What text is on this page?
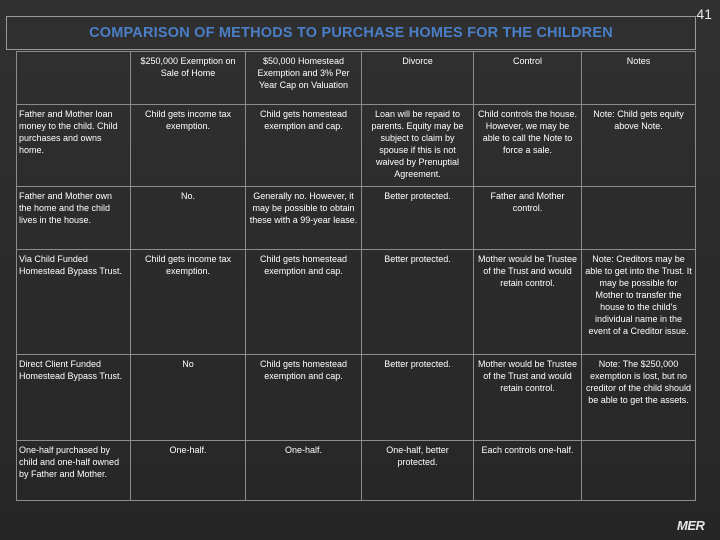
41
COMPARISON OF METHODS TO PURCHASE HOMES FOR THE CHILDREN
	$250,000 Exemption on Sale of Home	$50,000 Homestead Exemption and 3% Per Year Cap on Valuation	Divorce	Control	Notes
Father and Mother loan money to the child. Child purchases and owns home.	Child gets income tax exemption.	Child gets homestead exemption and cap.	Loan will be repaid to parents. Equity may be subject to claim by spouse if this is not waived by Prenuptial Agreement.	Child controls the house. However, we may be able to call the Note to force a sale.	Note: Child gets equity above Note.
Father and Mother own the home and the child lives in the house.	No.	Generally no. However, it may be possible to obtain these with a 99-year lease.	Better protected.	Father and Mother control.	
Via Child Funded Homestead Bypass Trust.	Child gets income tax exemption.	Child gets homestead exemption and cap.	Better protected.	Mother would be Trustee of the Trust and would retain control.	Note: Creditors may be able to get into the Trust. It may be possible for Mother to transfer the house to the child's individual name in the event of a Creditor issue.
Direct Client Funded Homestead Bypass Trust.	No	Child gets homestead exemption and cap.	Better protected.	Mother would be Trustee of the Trust and would retain control.	Note: The $250,000 exemption is lost, but no creditor of the child should be able to get the assets.
One-half purchased by child and one-half owned by Father and Mother.	One-half.	One-half.	One-half, better protected.	Each controls one-half.	
MER
